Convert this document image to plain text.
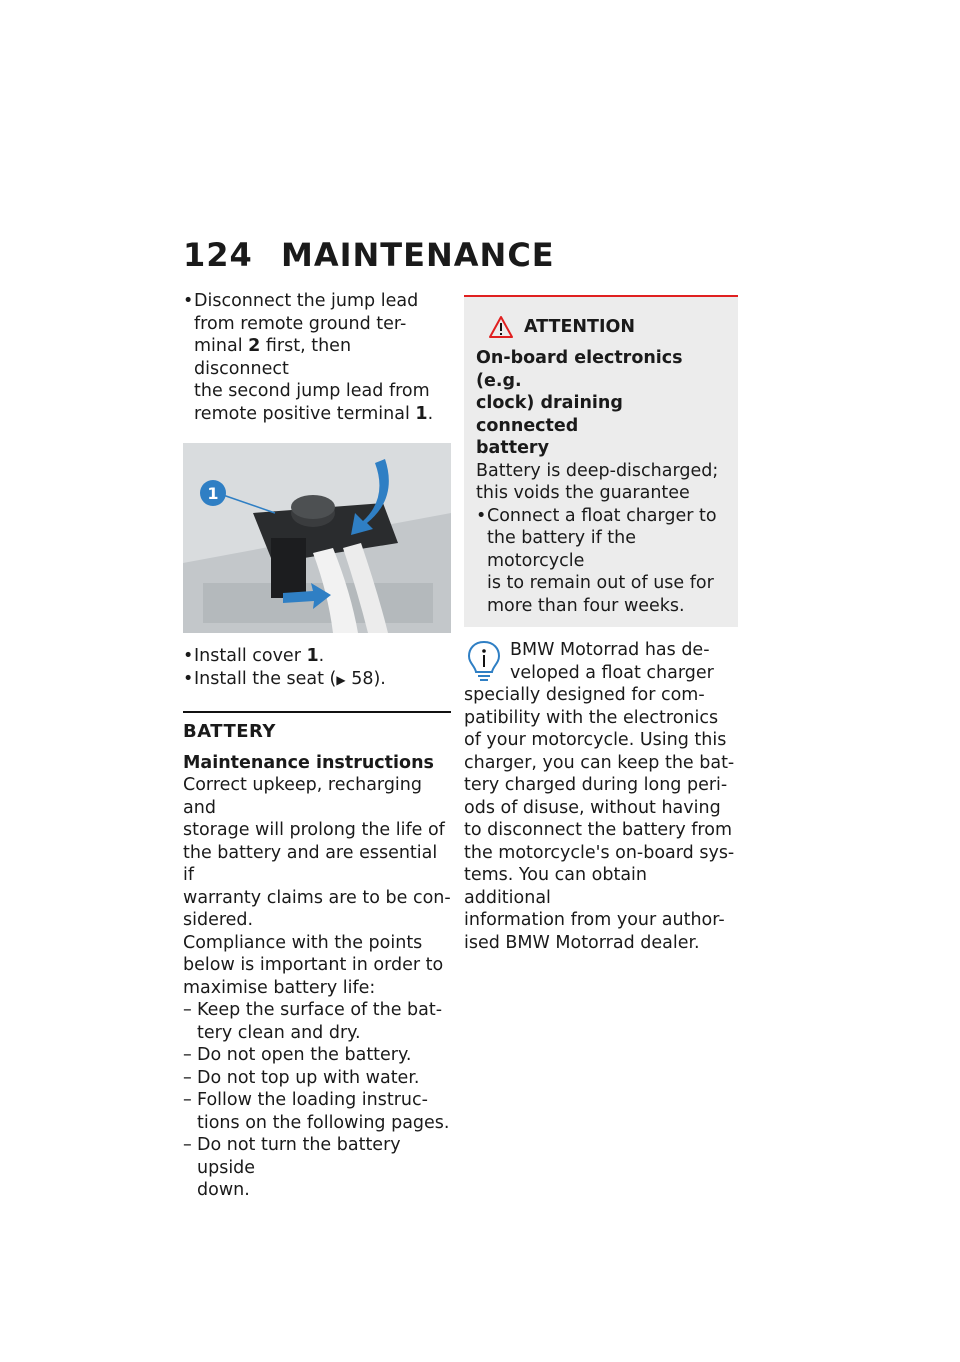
124 MAINTENANCE
• Disconnect the jump lead
from remote ground ter-
minal 2 first, then disconnect
the second jump lead from
remote positive terminal 1.
1
• Install cover 1.
• Install the seat (▶ 58).
BATTERY
Maintenance instructions
Correct upkeep, recharging and
storage will prolong the life of
the battery and are essential if
warranty claims are to be con-
sidered.
Compliance with the points
below is important in order to
maximise battery life:
– Keep the surface of the bat-
tery clean and dry.
– Do not open the battery.
– Do not top up with water.
– Follow the loading instruc-
tions on the following pages.
– Do not turn the battery upside
down.
ATTENTION
On-board electronics (e.g.
clock) draining connected
battery
Battery is deep-discharged;
this voids the guarantee
• Connect a float charger to
the battery if the motorcycle
is to remain out of use for
more than four weeks.
BMW Motorrad has de-
veloped a float charger
specially designed for com-
patibility with the electronics
of your motorcycle. Using this
charger, you can keep the bat-
tery charged during long peri-
ods of disuse, without having
to disconnect the battery from
the motorcycle's on-board sys-
tems. You can obtain additional
information from your author-
ised BMW Motorrad dealer.
